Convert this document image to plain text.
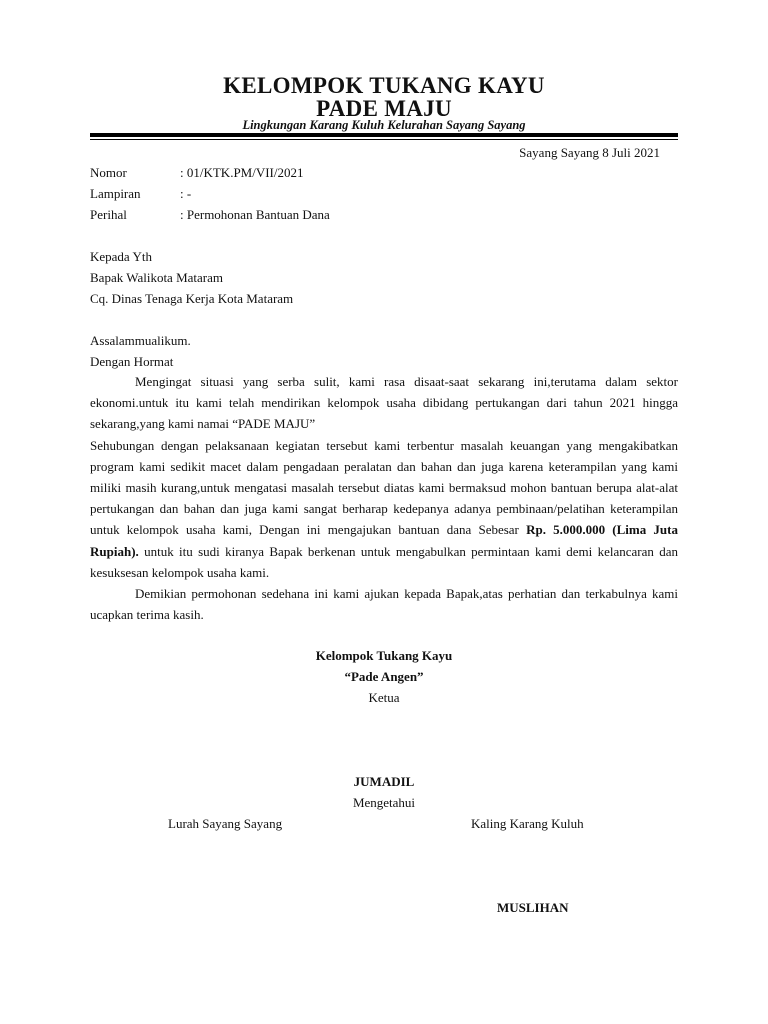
KELOMPOK TUKANG KAYU
PADE MAJU
Lingkungan Karang Kuluh Kelurahan Sayang Sayang
Sayang Sayang 8 Juli 2021
Nomor	: 01/KTK.PM/VII/2021
Lampiran	: -
Perihal	: Permohonan Bantuan Dana
Kepada Yth
Bapak Walikota Mataram
Cq. Dinas Tenaga Kerja Kota Mataram
Assalammualikum.
Dengan Hormat

Mengingat situasi yang serba sulit, kami rasa disaat-saat sekarang ini,terutama dalam sektor ekonomi.untuk itu kami telah mendirikan kelompok usaha dibidang pertukangan dari tahun 2021 hingga sekarang,yang kami namai “PADE MAJU”

Sehubungan dengan pelaksanaan kegiatan tersebut kami terbentur masalah keuangan yang mengakibatkan program kami sedikit macet dalam pengadaan peralatan dan bahan dan juga karena keterampilan yang kami miliki masih kurang,untuk mengatasi masalah tersebut diatas kami bermaksud mohon bantuan berupa alat-alat pertukangan dan bahan dan juga kami sangat berharap kedepanya adanya pembinaan/pelatihan keterampilan untuk kelompok usaha kami, Dengan ini mengajukan bantuan dana Sebesar Rp. 5.000.000 (Lima Juta Rupiah). untuk itu sudi kiranya Bapak berkenan untuk mengabulkan permintaan kami demi kelancaran dan kesuksesan kelompok usaha kami.

Demikian permohonan sedehana ini kami ajukan kepada Bapak,atas perhatian dan terkabulnya kami ucapkan terima kasih.

Kelompok Tukang Kayu
“Pade Angen”
Ketua
JUMADIL
Mengetahui
Lurah Sayang Sayang	Kaling Karang Kuluh
MUSLIHAN
